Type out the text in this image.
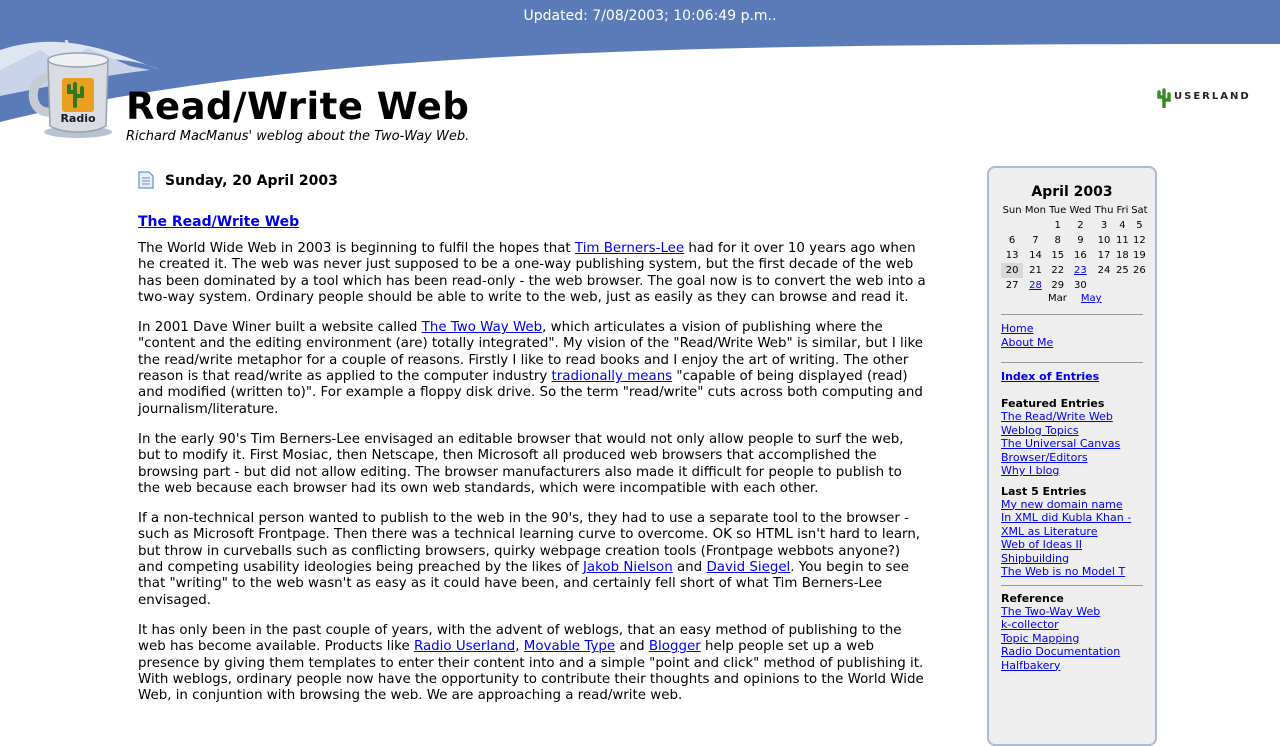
Updated: 7/08/2003; 10:06:49 p.m..
Radio Read/Write Web
Richard MacManus' weblog about the Two-Way Web.
USERLAND
Sunday, 20 April 2003
The Read/Write Web

The World Wide Web in 2003 is beginning to fulfil the hopes that Tim Berners-Lee had for it over 10 years ago when he created it. The web was never just supposed to be a one-way publishing system, but the first decade of the web has been dominated by a tool which has been read-only - the web browser. The goal now is to convert the web into a two-way system. Ordinary people should be able to write to the web, just as easily as they can browse and read it.

In 2001 Dave Winer built a website called The Two Way Web, which articulates a vision of publishing where the "content and the editing environment (are) totally integrated". My vision of the "Read/Write Web" is similar, but I like the read/write metaphor for a couple of reasons. Firstly I like to read books and I enjoy the art of writing. The other reason is that read/write as applied to the computer industry tradionally means "capable of being displayed (read) and modified (written to)". For example a floppy disk drive. So the term "read/write" cuts across both computing and journalism/literature.

In the early 90's Tim Berners-Lee envisaged an editable browser that would not only allow people to surf the web, but to modify it. First Mosiac, then Netscape, then Microsoft all produced web browsers that accomplished the browsing part - but did not allow editing. The browser manufacturers also made it difficult for people to publish to the web because each browser had its own web standards, which were incompatible with each other.

If a non-technical person wanted to publish to the web in the 90's, they had to use a separate tool to the browser - such as Microsoft Frontpage. Then there was a technical learning curve to overcome. OK so HTML isn't hard to learn, but throw in curveballs such as conflicting browsers, quirky webpage creation tools (Frontpage webbots anyone?) and competing usability ideologies being preached by the likes of Jakob Nielson and David Siegel. You begin to see that "writing" to the web wasn't as easy as it could have been, and certainly fell short of what Tim Berners-Lee envisaged.

It has only been in the past couple of years, with the advent of weblogs, that an easy method of publishing to the web has become available. Products like Radio Userland, Movable Type and Blogger help people set up a web presence by giving them templates to enter their content into and a simple "point and click" method of publishing it. With weblogs, ordinary people now have the opportunity to contribute their thoughts and opinions to the World Wide Web, in conjuntion with browsing the web. We are approaching a read/write web.

April 2003
Sun	Mon	Tue	Wed	Thu	Fri	Sat
		1	2	3	4	5
6	7	8	9	10	11	12
13	14	15	16	17	18	19
20	21	22	23	24	25	26
27	28	29	30			
Mar May
Home
About Me
Index of Entries
Featured Entries
The Read/Write Web
Weblog Topics
The Universal Canvas
Browser/Editors
Why I blog
Last 5 Entries
My new domain name
In XML did Kubla Khan -
XML as Literature
Web of Ideas II
Shipbuilding
The Web is no Model T
Reference
The Two-Way Web
k-collector
Topic Mapping
Radio Documentation
Halfbakery
